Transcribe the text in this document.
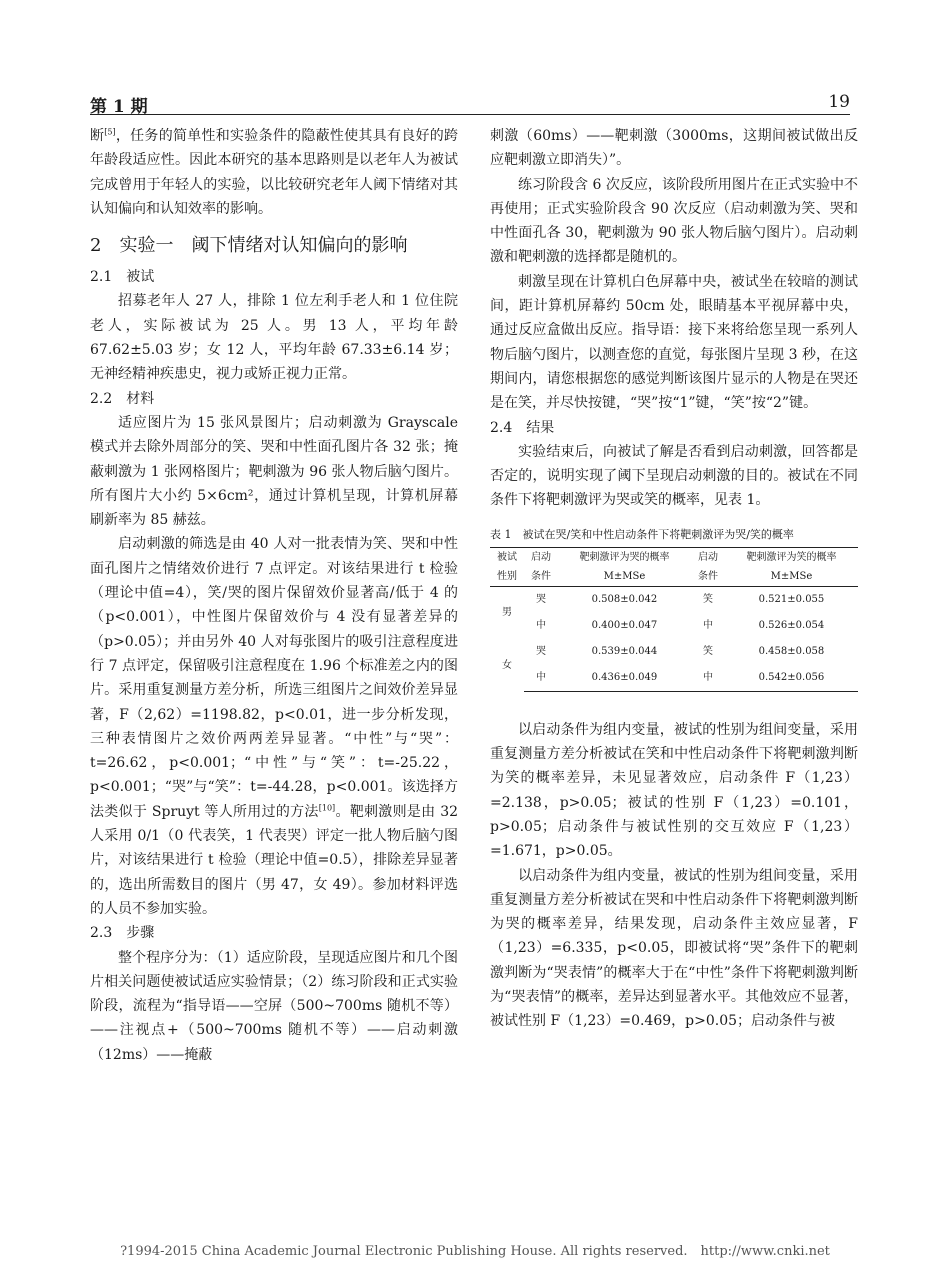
第 1 期	19

断[5]，任务的简单性和实验条件的隐蔽性使其具有良好的跨年龄段适应性。因此本研究的基本思路则是以老年人为被试完成曾用于年轻人的实验，以比较研究老年人阈下情绪对其认知偏向和认知效率的影响。

2　实验一　阈下情绪对认知偏向的影响

2.1　被试

招募老年人 27 人，排除 1 位左利手老人和 1 位住院老人，实际被试为 25 人。男 13 人，平均年龄 67.62±5.03 岁；女 12 人，平均年龄 67.33±6.14 岁；无神经精神疾患史，视力或矫正视力正常。

2.2　材料

适应图片为 15 张风景图片；启动刺激为 Grayscale 模式并去除外周部分的笑、哭和中性面孔图片各 32 张；掩蔽刺激为 1 张网格图片；靶刺激为 96 张人物后脑勺图片。所有图片大小约 5×6cm²，通过计算机呈现，计算机屏幕刷新率为 85 赫兹。

启动刺激的筛选是由 40 人对一批表情为笑、哭和中性面孔图片之情绪效价进行 7 点评定。对该结果进行 t 检验（理论中值=4），笑/哭的图片保留效价显著高/低于 4 的（p<0.001），中性图片保留效价与 4 没有显著差异的（p>0.05）；并由另外 40 人对每张图片的吸引注意程度进行 7 点评定，保留吸引注意程度在 1.96 个标准差之内的图片。采用重复测量方差分析，所选三组图片之间效价差异显著，F（2,62）=1198.82，p<0.01，进一步分析发现，三种表情图片之效价两两差异显著。“中性”与“哭”：t=26.62，p<0.001；“中性”与“笑”：t=-25.22，p<0.001；“哭”与“笑”：t=-44.28，p<0.001。该选择方法类似于 Spruyt 等人所用过的方法[10]。靶刺激则是由 32 人采用 0/1（0 代表笑，1 代表哭）评定一批人物后脑勺图片，对该结果进行 t 检验（理论中值=0.5），排除差异显著的，选出所需数目的图片（男 47，女 49）。参加材料评选的人员不参加实验。

2.3　步骤

整个程序分为：（1）适应阶段，呈现适应图片和几个图片相关问题使被试适应实验情景；（2）练习阶段和正式实验阶段，流程为“指导语——空屏（500~700ms 随机不等）——注视点+（500~700ms 随机不等）——启动刺激（12ms）——掩蔽

刺激（60ms）——靶刺激（3000ms，这期间被试做出反应靶刺激立即消失）”。

练习阶段含 6 次反应，该阶段所用图片在正式实验中不再使用；正式实验阶段含 90 次反应（启动刺激为笑、哭和中性面孔各 30，靶刺激为 90 张人物后脑勺图片）。启动刺激和靶刺激的选择都是随机的。

刺激呈现在计算机白色屏幕中央，被试坐在较暗的测试间，距计算机屏幕约 50cm 处，眼睛基本平视屏幕中央，通过反应盒做出反应。指导语：接下来将给您呈现一系列人物后脑勺图片，以测查您的直觉，每张图片呈现 3 秒，在这期间内，请您根据您的感觉判断该图片显示的人物是在哭还是在笑，并尽快按键，“哭”按“1”键，“笑”按“2”键。

2.4　结果

实验结束后，向被试了解是否看到启动刺激，回答都是否定的，说明实现了阈下呈现启动刺激的目的。被试在不同条件下将靶刺激评为哭或笑的概率，见表 1。

表 1　被试在哭/笑和中性启动条件下将靶刺激评为哭/笑的概率

被试	启动	靶刺激评为哭的概率	启动	靶刺激评为笑的概率
性别	条件	M±MSe	条件	M±MSe
男	哭	0.508±0.042	笑	0.521±0.055
	中	0.400±0.047	中	0.526±0.054
女	哭	0.539±0.044	笑	0.458±0.058
	中	0.436±0.049	中	0.542±0.056

以启动条件为组内变量，被试的性别为组间变量，采用重复测量方差分析被试在笑和中性启动条件下将靶刺激判断为笑的概率差异，未见显著效应，启动条件 F（1,23）=2.138，p>0.05；被试的性别 F（1,23）=0.101，p>0.05；启动条件与被试性别的交互效应 F（1,23）=1.671，p>0.05。

以启动条件为组内变量，被试的性别为组间变量，采用重复测量方差分析被试在哭和中性启动条件下将靶刺激判断为哭的概率差异，结果发现，启动条件主效应显著，F（1,23）=6.335，p<0.05，即被试将“哭”条件下的靶刺激判断为“哭表情”的概率大于在“中性”条件下将靶刺激判断为“哭表情”的概率，差异达到显著水平。其他效应不显著，被试性别 F（1,23）=0.469，p>0.05；启动条件与被

?1994-2015 China Academic Journal Electronic Publishing House. All rights reserved.　http://www.cnki.net
